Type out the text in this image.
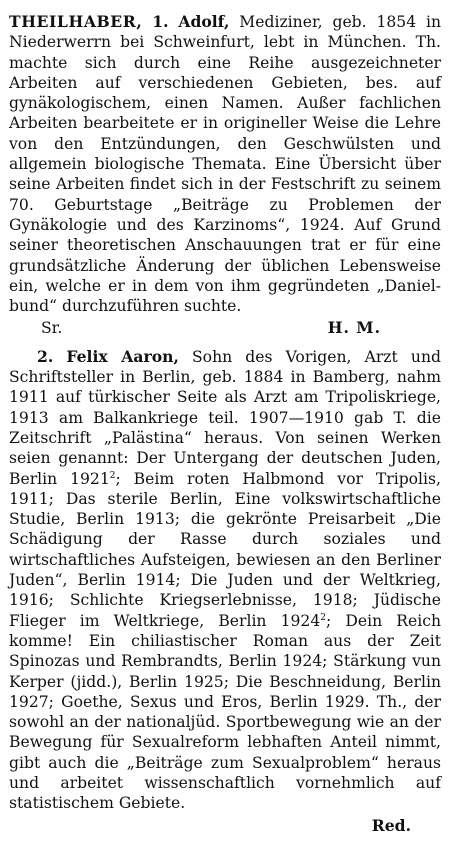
THEILHABER, 1. Adolf, Mediziner, geb. 1854 in Niederwerrn bei Schweinfurt, lebt in München. Th. machte sich durch eine Reihe ausgezeichneter Arbeiten auf verschiedenen Gebieten, bes. auf gynäkologischem, einen Namen. Außer fachlichen Arbeiten bearbeitete er in origineller Weise die Lehre von den Entzündungen, den Geschwülsten und allgemein biologische Themata. Eine Übersicht über seine Arbeiten findet sich in der Festschrift zu seinem 70. Geburtstage „Beiträge zu Problemen der Gynäkologie und des Karzinoms“, 1924. Auf Grund seiner theoretischen Anschauungen trat er für eine grundsätzliche Änderung der üblichen Lebensweise ein, welche er in dem von ihm gegründeten „Danielbund“ durchzuführen suchte.

Sr.	H. M.

2. Felix Aaron, Sohn des Vorigen, Arzt und Schriftsteller in Berlin, geb. 1884 in Bamberg, nahm 1911 auf türkischer Seite als Arzt am Tripoliskriege, 1913 am Balkankriege teil. 1907—1910 gab T. die Zeitschrift „Palästina“ heraus. Von seinen Werken seien genannt: Der Untergang der deutschen Juden, Berlin 1921$^2$; Beim roten Halbmond vor Tripolis, 1911; Das sterile Berlin, Eine volkswirtschaftliche Studie, Berlin 1913; die gekrönte Preisarbeit „Die Schädigung der Rasse durch soziales und wirtschaftliches Aufsteigen, bewiesen an den Berliner Juden“, Berlin 1914; Die Juden und der Weltkrieg, 1916; Schlichte Kriegserlebnisse, 1918; Jüdische Flieger im Weltkriege, Berlin 1924$^2$; Dein Reich komme! Ein chiliastischer Roman aus der Zeit Spinozas und Rembrandts, Berlin 1924; Stärkung vun Kerper (jidd.), Berlin 1925; Die Beschneidung, Berlin 1927; Goethe, Sexus und Eros, Berlin 1929. Th., der sowohl an der nationaljüd. Sportbewegung wie an der Bewegung für Sexualreform lebhaften Anteil nimmt, gibt auch die „Beiträge zum Sexualproblem“ heraus und arbeitet wissenschaftlich vornehmlich auf statistischem Gebiete.

Red.
